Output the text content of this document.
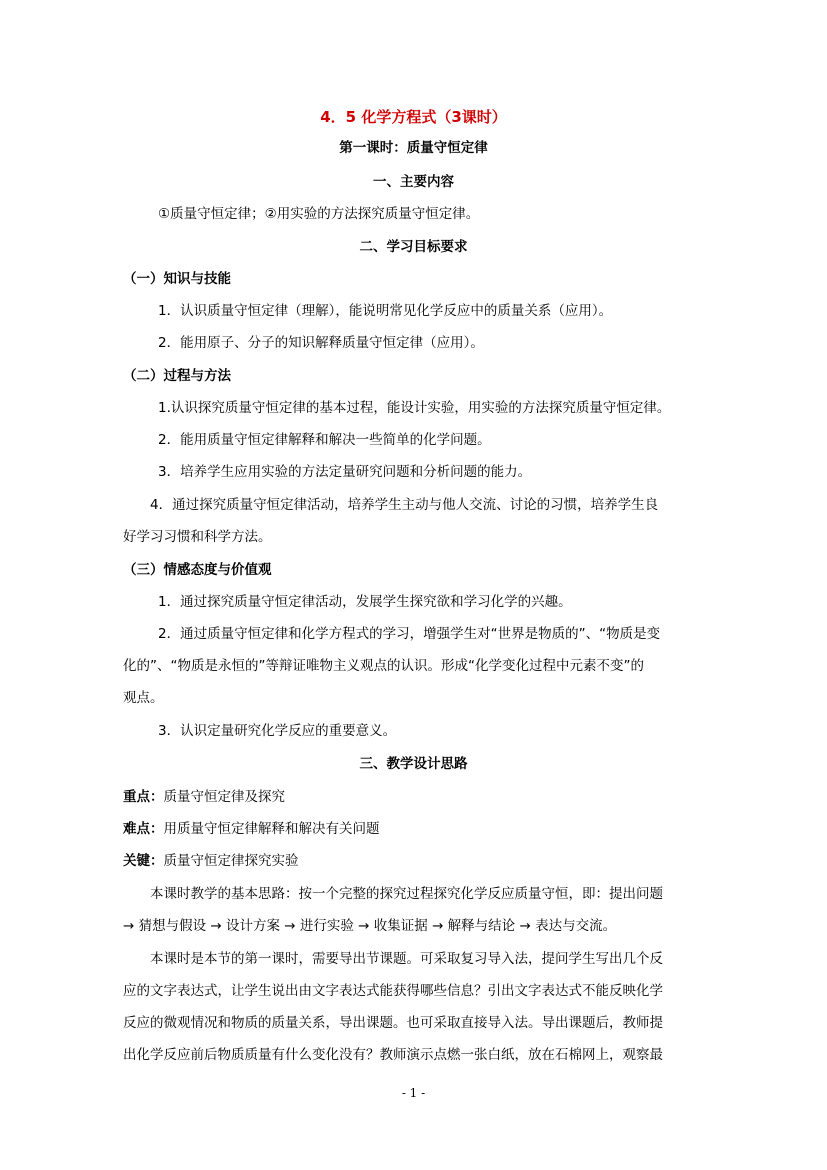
4．5 化学方程式（3课时）
第一课时：质量守恒定律
一、主要内容
①质量守恒定律；②用实验的方法探究质量守恒定律。
二、学习目标要求
（一）知识与技能
1．认识质量守恒定律（理解），能说明常见化学反应中的质量关系（应用）。
2．能用原子、分子的知识解释质量守恒定律（应用）。
（二）过程与方法
1.认识探究质量守恒定律的基本过程，能设计实验，用实验的方法探究质量守恒定律。
2．能用质量守恒定律解释和解决一些简单的化学问题。
3．培养学生应用实验的方法定量研究问题和分析问题的能力。
4．通过探究质量守恒定律活动，培养学生主动与他人交流、讨论的习惯，培养学生良
好学习习惯和科学方法。
（三）情感态度与价值观
1．通过探究质量守恒定律活动，发展学生探究欲和学习化学的兴趣。
2．通过质量守恒定律和化学方程式的学习，增强学生对“世界是物质的”、“物质是变
化的”、“物质是永恒的”等辩证唯物主义观点的认识。形成“化学变化过程中元素不变”的
观点。
3．认识定量研究化学反应的重要意义。
三、教学设计思路
重点：质量守恒定律及探究
难点：用质量守恒定律解释和解决有关问题
关键：质量守恒定律探究实验
本课时教学的基本思路：按一个完整的探究过程探究化学反应质量守恒，即：提出问题
→ 猜想与假设 → 设计方案 → 进行实验 → 收集证据 → 解释与结论 → 表达与交流。
本课时是本节的第一课时，需要导出节课题。可采取复习导入法，提问学生写出几个反
应的文字表达式，让学生说出由文字表达式能获得哪些信息？引出文字表达式不能反映化学
反应的微观情况和物质的质量关系，导出课题。也可采取直接导入法。导出课题后，教师提
出化学反应前后物质质量有什么变化没有？教师演示点燃一张白纸，放在石棉网上，观察最
- 1 -
